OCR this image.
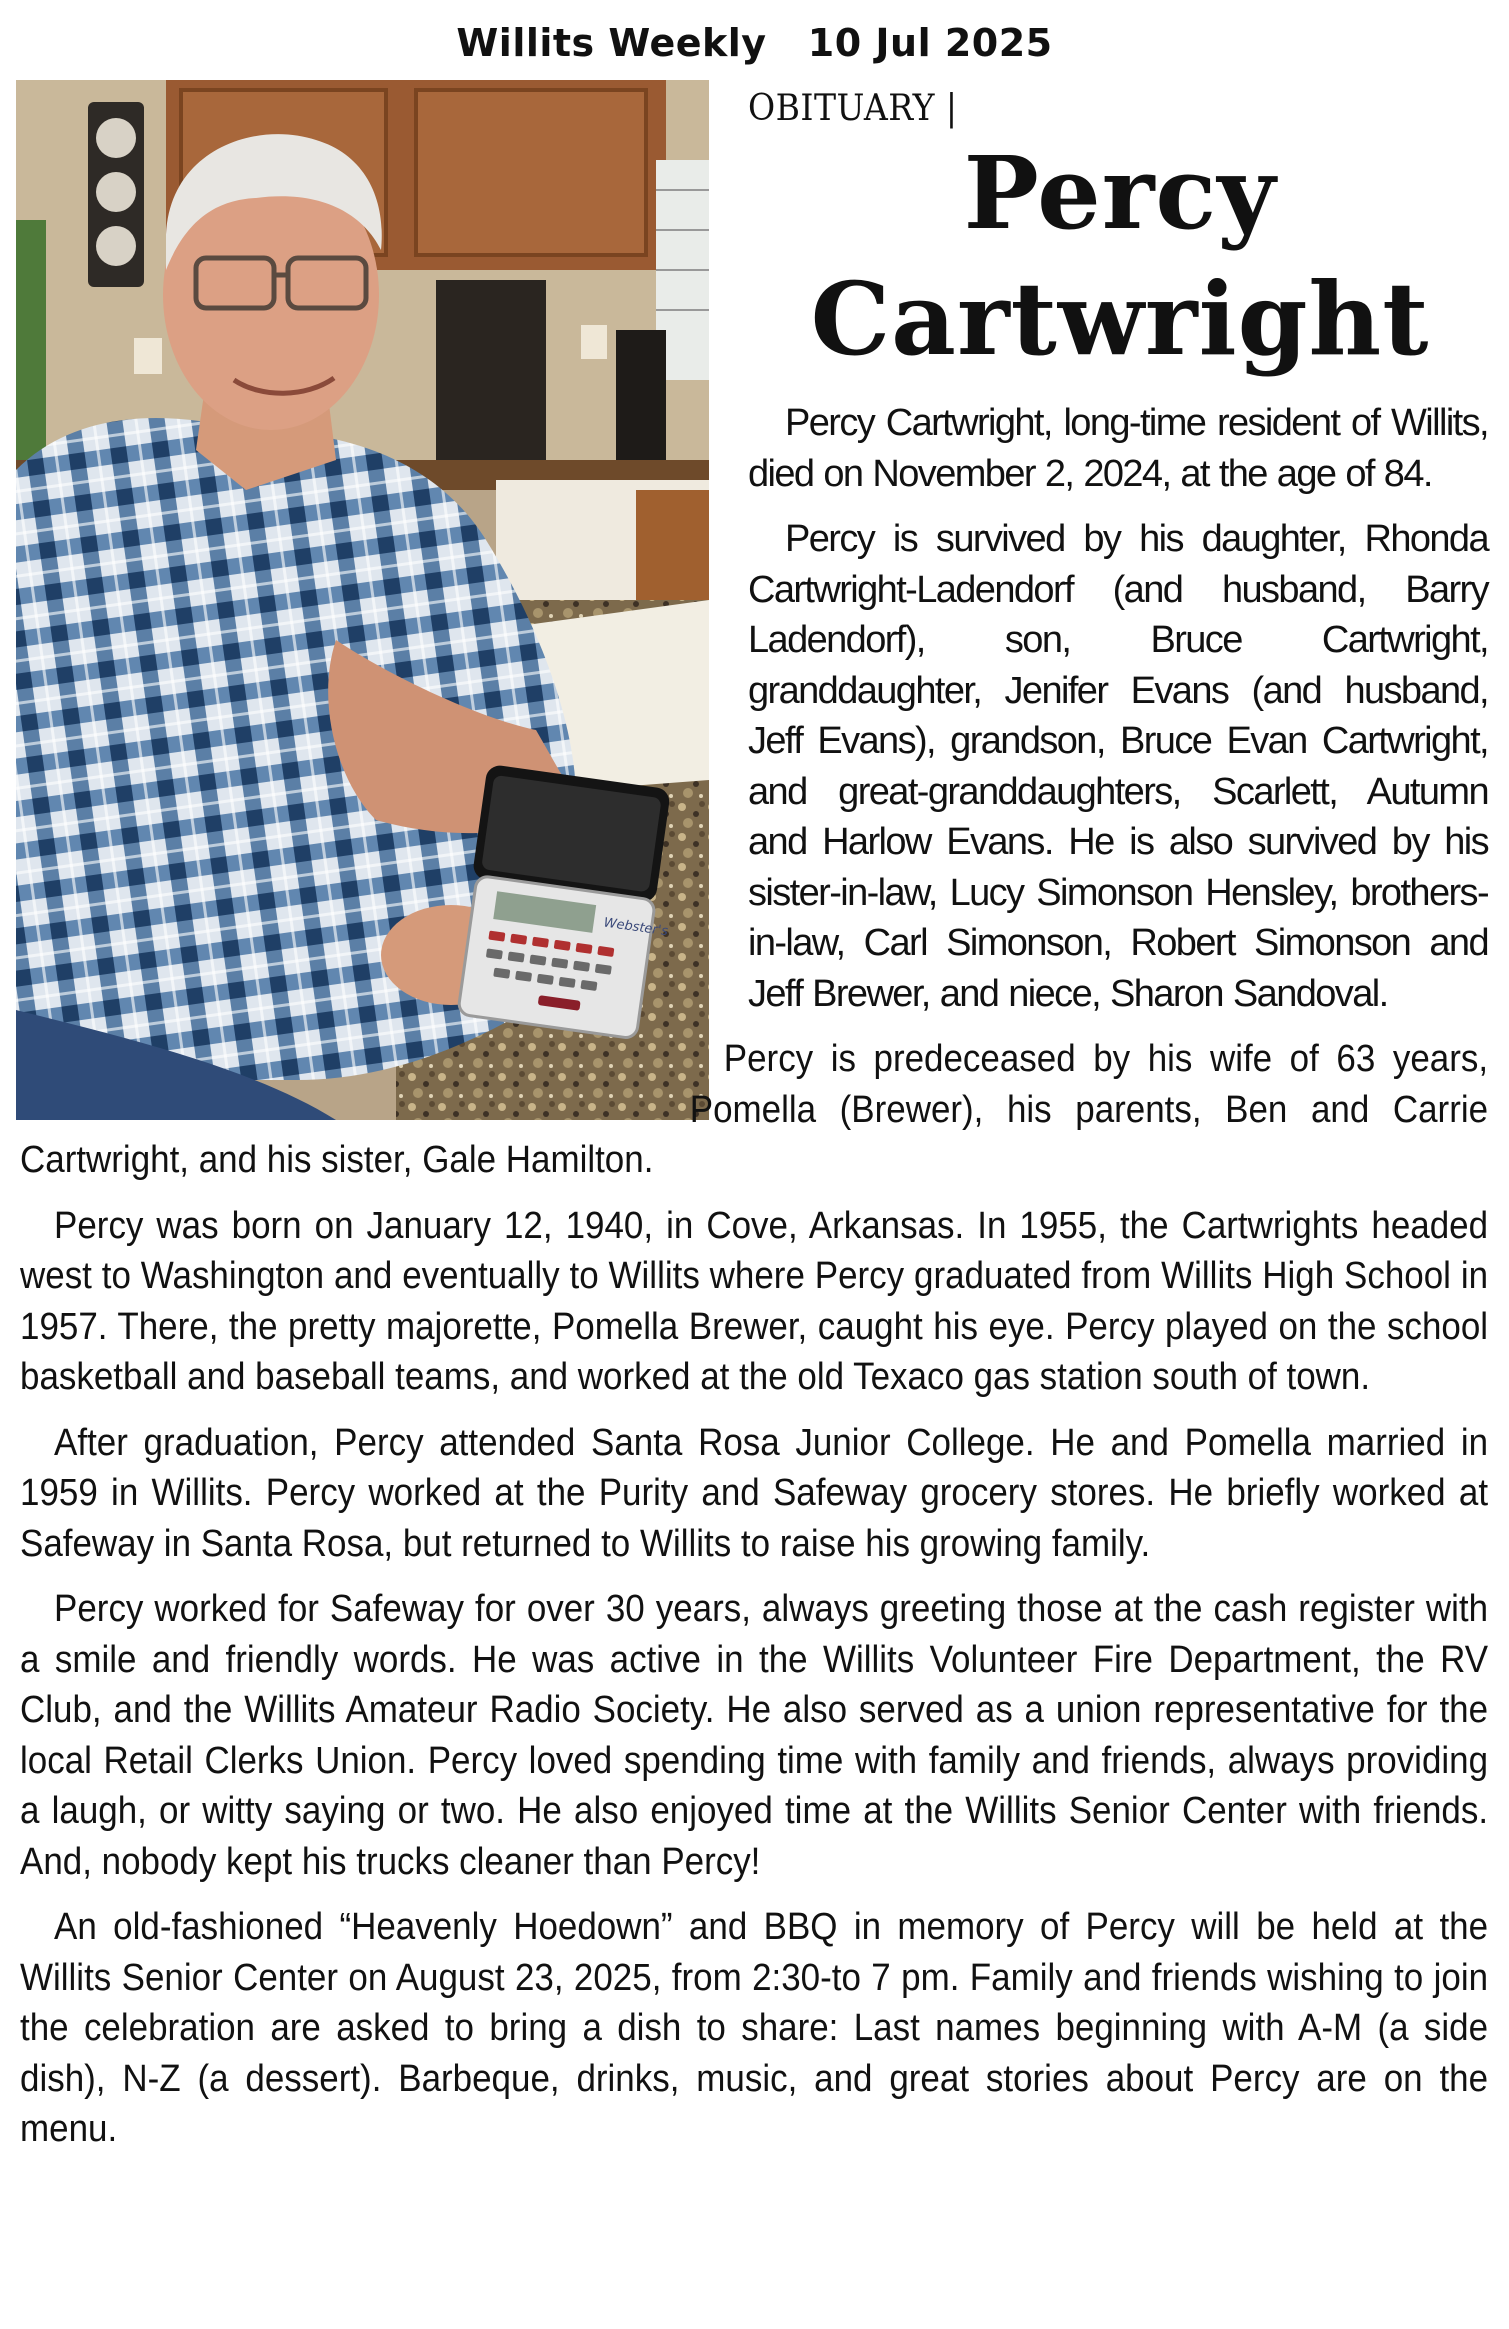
Willits Weekly 10 Jul 2025
Webster's
OBITUARY |
Percy
Cartwright

Percy Cartwright, long-time resident of Willits, died on November 2, 2024, at the age of 84.

Percy is survived by his daughter, Rhonda Cartwright-Ladendorf (and husband, Barry Ladendorf), son, Bruce Cartwright, granddaughter, Jenifer Evans (and husband, Jeff Evans), grandson, Bruce Evan Cartwright, and great-granddaughters, Scarlett, Autumn and Harlow Evans. He is also survived by his sister-in-law, Lucy Simonson Hensley, brothers-in-law, Carl Simonson, Robert Simonson and Jeff Brewer, and niece, Sharon Sandoval.

Percy is predeceased by his wife of 63 years, Pomella (Brewer), his parents, Ben and Carrie Cartwright, and his sister, Gale Hamilton.

Percy was born on January 12, 1940, in Cove, Arkansas. In 1955, the Cartwrights headed west to Washington and eventually to Willits where Percy graduated from Willits High School in 1957. There, the pretty majorette, Pomella Brewer, caught his eye. Percy played on the school basketball and baseball teams, and worked at the old Texaco gas station south of town.

After graduation, Percy attended Santa Rosa Junior College. He and Pomella married in 1959 in Willits. Percy worked at the Purity and Safeway grocery stores. He briefly worked at Safeway in Santa Rosa, but returned to Willits to raise his growing family.

Percy worked for Safeway for over 30 years, always greeting those at the cash register with a smile and friendly words. He was active in the Willits Volunteer Fire Department, the RV Club, and the Willits Amateur Radio Society. He also served as a union representative for the local Retail Clerks Union. Percy loved spending time with family and friends, always providing a laugh, or witty saying or two. He also enjoyed time at the Willits Senior Center with friends. And, nobody kept his trucks cleaner than Percy!

An old-fashioned “Heavenly Hoedown” and BBQ in memory of Percy will be held at the Willits Senior Center on August 23, 2025, from 2:30-to 7 pm. Family and friends wishing to join the celebration are asked to bring a dish to share: Last names beginning with A-M (a side dish), N-Z (a dessert). Barbeque, drinks, music, and great stories about Percy are on the menu.
